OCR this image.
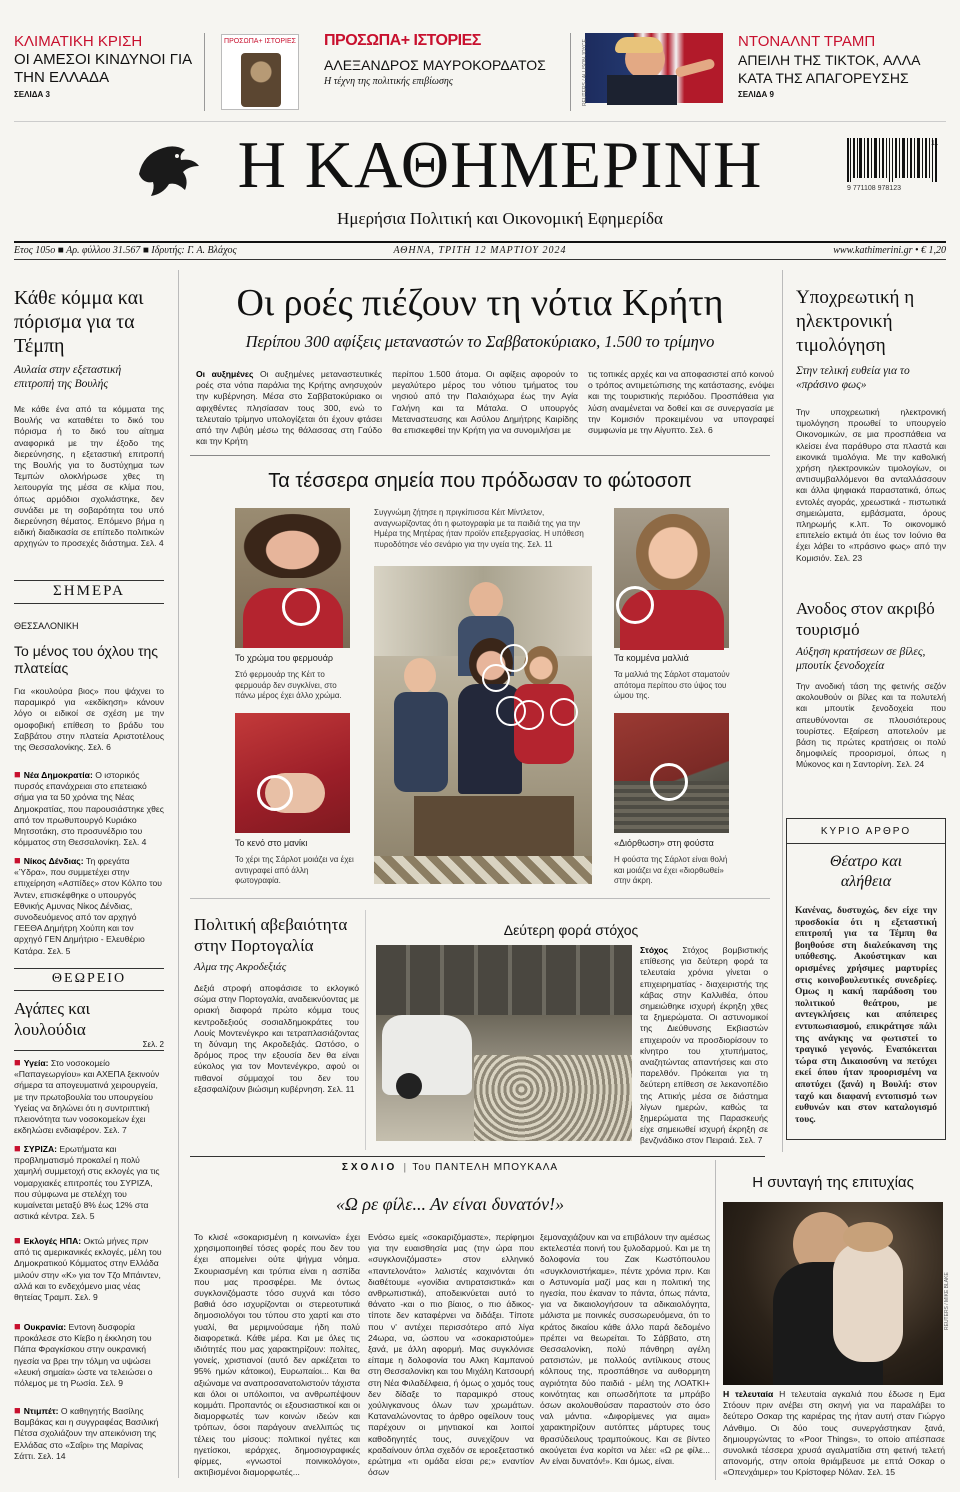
ΚΛΙΜΑΤΙΚΗ ΚΡΙΣΗ
ΟΙ ΑΜΕΣΟΙ ΚΙΝΔΥΝΟΙ ΓΙΑ ΤΗΝ ΕΛΛΑΔΑ
ΣΕΛΙΔΑ 3
ΠΡΟΣΩΠΑ+ ΙΣΤΟΡΙΕΣ ΠΡΟΣΩΠΑ+ ΙΣΤΟΡΙΕΣ
ΑΛΕΞΑΝΔΡΟΣ ΜΑΥΡΟΚΟΡΔΑΤΟΣ
Η τέχνη της πολιτικής επιβίωσης	REUTERS / ALLISON JOYCE	ΝΤΟΝΑΛΝΤ ΤΡΑΜΠ
ΑΠΕΙΛΗ ΤΗΣ TIKTOK, ΑΛΛΑ ΚΑΤΑ ΤΗΣ ΑΠΑΓΟΡΕΥΣΗΣ
ΣΕΛΙΔΑ 9
Η ΚΑΘΗΜΕΡΙΝΗ
Ημερήσια Πολιτική και Οικονομική Εφημερίδα
9 771108 978123
11
Ετος 105ο ■ Αρ. φύλλου 31.567 ■ Ιδρυτής: Γ. Α. Βλάχος	ΑΘΗΝΑ, ΤΡΙΤΗ 12 ΜΑΡΤΙΟΥ 2024	www.kathimerini.gr • € 1,20
Κάθε κόμμα και πόρισμα για τα Τέμπη
Αυλαία στην εξεταστική επιτροπή της Βουλής
Με κάθε ένα από τα κόμματα της Βουλής να καταθέτει το δικό του πόρισμα ή το δικό του αίτημα αναφορικά με την έξοδο της διερεύνησης, η εξεταστική επιτροπή της Βουλής για το δυστύχημα των Τεμπών ολοκλήρωσε χθες τη λειτουργία της μέσα σε κλίμα που, όπως αρμόδιοι σχολιάστηκε, δεν συνάδει με τη σοβαρότητα του υπό διερεύνηση θέματος. Επόμενο βήμα η ειδική διαδικασία σε επίπεδο πολιτικών αρχηγών το προσεχές διάστημα. Σελ. 4
ΣΗΜΕΡΑ
ΘΕΣΣΑΛΟΝΙΚΗ
Το μένος του όχλου της πλατείας
Για «κουλούρα βιος» που ψάχνει το παραμικρό για «εκδίκηση» κάνουν λόγο οι ειδικοί σε σχέση με την ομοφοβική επίθεση το βράδυ του Σαββάτου στην πλατεία Αριστοτέλους της Θεσσαλονίκης. Σελ. 6
■ Νέα Δημοκρατία: Ο ιστορικός πυρσός επανάχρειαι στο επετειακό σήμα για τα 50 χρόνια της Νέας Δημοκρατίας, που παρουσιάστηκε χθες από τον πρωθυπουργό Κυριάκο Μητσοτάκη, στο προσυνέδριο του κόμματος στη Θεσσαλονίκη. Σελ. 4
■ Νίκος Δένδιας: Τη φρεγάτα «Ύδρα», που συμμετέχει στην επιχείρηση «Ασπίδες» στον Κόλπο του Άντεν, επισκέφθηκε ο υπουργός Εθνικής Αμυνας Νίκος Δένδιας, συνοδευόμενος από τον αρχηγό ΓΕΕΘΑ Δημήτρη Χούπη και τον αρχηγό ΓΕΝ Δημήτριο - Ελευθέριο Κατάρα. Σελ. 5
ΘΕΩΡΕΙΟ
Αγάπες και λουλούδια
Σελ. 2
■ Υγεία: Στο νοσοκομείο «Παπαγεωργίου» και ΑΧΕΠΑ ξεκινούν σήμερα τα απογευματινά χειρουργεία, με την πρωτοβουλία του υπουργείου Υγείας να δηλώνει ότι η συντριπτική πλειονότητα των νοσοκομείων έχει εκδηλώσει ενδιαφέρον. Σελ. 7
■ ΣΥΡΙΖΑ: Ερωτήματα και προβληματισμό προκαλεί η πολύ χαμηλή συμμετοχή στις εκλογές για τις νομαρχιακές επιτροπές του ΣΥΡΙΖΑ, που σύμφωνα με στελέχη του κυμαίνεται μεταξύ 8% έως 12% στα αστικά κέντρα. Σελ. 5
■ Εκλογές ΗΠΑ: Οκτώ μήνες πριν από τις αμερικανικές εκλογές, μέλη του Δημοκρατικού Κόμματος στην Ελλάδα μιλούν στην «Κ» για τον Τζο Μπάιντεν, αλλά και το ενδεχόμενο μιας νέας θητείας Τραμπ. Σελ. 9
■ Ουκρανία: Εντονη δυσφορία προκάλεσε στο Κίεβο η έκκληση του Πάπα Φραγκίσκου στην ουκρανική ηγεσία να βρει την τόλμη να υψώσει «λευκή σημαία» ώστε να τελειώσει ο πόλεμος με τη Ρωσία. Σελ. 9
■ Ντιμπέτ: Ο καθηγητής Βασίλης Βαμβάκας και η συγγραφέας Βασιλική Πέτσα σχολιάζουν την απεικόνιση της Ελλάδας στο «Σαΐρι» της Μαρίνας Σάττι. Σελ. 14
Οι ροές πιέζουν τη νότια Κρήτη
Περίπου 300 αφίξεις μεταναστών το Σαββατοκύριακο, 1.500 το τρίμηνο
Οι αυξημένες Οι αυξημένες μεταναστευτικές ροές στα νότια παράλια της Κρήτης ανησυχούν την κυβέρνηση. Μέσα στο Σαββατοκύριακο οι αφιχθέντες πλησίασαν τους 300, ενώ το τελευταίο τρίμηνο υπολογίζεται ότι έχουν φτάσει από την Λιβύη μέσω της θάλασσας στη Γαύδο και την Κρήτη
περίπου 1.500 άτομα. Οι αφίξεις αφορούν το μεγαλύτερο μέρος του νότιου τμήματος του νησιού από την Παλαιόχωρα έως την Αγία Γαλήνη και τα Μάταλα. Ο υπουργός Μεταναστευσης και Ασύλου Δημήτρης Καιρίδης θα επισκεφθεί την Κρήτη για να συνομιλήσει με
τις τοπικές αρχές και να αποφασιστεί από κοινού ο τρόπος αντιμετώπισης της κατάστασης, ενόψει και της τουριστικής περιόδου. Προσπάθεια για λύση αναμένεται να δοθεί και σε συνεργασία με την Κομισιόν προκειμένου να υπογραφεί συμφωνία με την Αίγυπτο. Σελ. 6
Τα τέσσερα σημεία που πρόδωσαν το φώτοσοπ
Το χρώμα του φερμουάρ
Στό φερμουάρ της Κέιτ το φερμουάρ δεν συγκλίνει, στο πάνω μέρος έχει άλλο χρώμα.
Το κενό στο μανίκι
Το χέρι της Σάρλοτ μοιάζει να έχει αντιγραφεί από άλλη φωτογραφία.
Συγγνώμη ζήτησε η πριγκίπισσα Κέιτ Μίντλετον, αναγνωρίζοντας ότι η φωτογραφία με τα παιδιά της για την Ημέρα της Μητέρας ήταν προϊόν επεξεργασίας. Η υπόθεση πυροδότησε νέο σενάριο για την υγεία της. Σελ. 11
Τα κομμένα μαλλιά
Τα μαλλιά της Σάρλοτ σταματούν απότομα περίπου στο ύψος του ώμου της.
«Διόρθωση» στη φούστα
Η φούστα της Σάρλοτ είναι θολή και μοιάζει να έχει «διορθωθεί» στην άκρη.
Υποχρεωτική η ηλεκτρονική τιμολόγηση
Στην τελική ευθεία για το «πράσινο φως»
Την υποχρεωτική ηλεκτρονική τιμολόγηση προωθεί το υπουργείο Οικονομικών, σε μια προσπάθεια να κλείσει ένα παράθυρο στα πλαστά και εικονικά τιμολόγια. Με την καθολική χρήση ηλεκτρονικών τιμολογίων, οι αντισυμβαλλόμενοι θα ανταλλάσσουν και άλλα ψηφιακά παραστατικά, όπως εντολές αγοράς, χρεωστικά - πιστωτικά σημειώματα, εμβάσματα, όρους πληρωμής κ.λπ. Το οικονομικό επιτελείο εκτιμά ότι έως τον Ιούνιο θα έχει λάβει το «πράσινο φως» από την Κομισιόν. Σελ. 23
Ανοδος στον ακριβό τουρισμό
Αύξηση κρατήσεων σε βίλες, μπουτίκ ξενοδοχεία
Την ανοδική τάση της φετινής σεζόν ακολουθούν οι βίλες και τα πολυτελή και μπουτίκ ξενοδοχεία που απευθύνονται σε πλουσιότερους τουρίστες. Εξαίρεση αποτελούν με βάση τις πρώτες κρατήσεις οι πολύ δημοφιλείς προορισμοί, όπως η Μύκονος και η Σαντορίνη. Σελ. 24
ΚΥΡΙΟ ΑΡΘΡΟ
Θέατρο και αλήθεια
Κανένας, δυστυχώς, δεν είχε την προσδοκία ότι η εξεταστική επιτροπή για τα Τέμπη θα βοηθούσε στη διαλεύκανση της υπόθεσης. Ακούστηκαν και ορισμένες χρήσιμες μαρτυρίες στις κοινοβουλευτικές συνεδρίες. Ομως η κακή παράδοση του πολιτικού θεάτρου, με αντεγκλήσεις και απόπειρες εντυπωσιασμού, επικράτησε πάλι της ανάγκης να φωτιστεί το τραγικό γεγονός. Εναπόκειται τώρα στη Δικαιοσύνη να πετύχει εκεί όπου ήταν προορισμένη να αποτύχει (ξανά) η Βουλή: στον ταχύ και διαφανή εντοπισμό των ευθυνών και στον καταλογισμό τους.
Πολιτική αβεβαιότητα στην Πορτογαλία
Αλμα της Ακροδεξιάς
Δεξιά στροφή αποφάσισε το εκλογικό σώμα στην Πορτογαλία, αναδεικνύοντας με οριακή διαφορά πρώτο κόμμα τους κεντροδεξιούς σοσιαλδημοκράτες του Λουίς Μοντενέγκρο και τετραπλασιάζοντας τη δύναμη της Ακροδεξιάς. Ωστόσο, ο δρόμος προς την εξουσία δεν θα είναι εύκολος για τον Μοντενέγκρο, αφού οι πιθανοί σύμμαχοί του δεν του εξασφαλίζουν βιώσιμη κυβέρνηση. Σελ. 11
Δεύτερη φορά στόχος
Στόχος Στόχος βομβιστικής επίθεσης για δεύτερη φορά τα τελευταία χρόνια γίνεται ο επιχειρηματίας - διαχειριστής της κάβας στην Καλλιθέα, όπου σημειώθηκε ισχυρή έκρηξη χθες τα ξημερώματα. Οι αστυνομικοί της Διεύθυνσης Εκβιαστών επιχειρούν να προσδιορίσουν το κίνητρο του χτυπήματος, αναζητώντας απαντήσεις και στο παρελθόν. Πρόκειται για τη δεύτερη επίθεση σε λεκανοπέδιο της Αττικής μέσα σε διάστημα λίγων ημερών, καθώς τα ξημερώματα της Παρασκευής είχε σημειωθεί ισχυρή έκρηξη σε βενζινάδικο στον Πειραιά. Σελ. 7
ΣΧΟΛΙΟ | Του ΠΑΝΤΕΛΗ ΜΠΟΥΚΑΛΑ
«Ω ρε φίλε... Αν είναι δυνατόν!»
Το κλισέ «σοκαρισμένη η κοινωνία» έχει χρησιμοποιηθεί τόσες φορές που δεν του έχει απομείνει ούτε ψήγμα νόημα. Σκουριασμένη και τρύπια είναι η ασπίδα που μας προσφέρει. Με όντως συγκλονιζόμαστε τόσο συχνά και τόσο βαθιά όσο ισχυρίζονται οι στερεοτυπικά δημοσιολόγοι του τύπου στο χαρτί και στο γυαλί, θα μεριμνούσαμε ήδη πολύ διαφορετικά. Κάθε μέρα. Και με όλες τις ιδιότητές που μας χαρακτηρίζουν: πολίτες, γονείς, χριστιανοί (αυτό δεν αρκέζεται το 95% ημών κάτοικοι), Ευρωπαίοι... Και θα αξιώναμε να αναπροσανατολιστούν τάχιστα και όλοι οι υπόλοιποι, να ανθρωπέψουν κομμάτι. Προπαντός οι εξουσιαστικοί και οι διαμορφωτές των κοινών ιδεών και τρόπων, όσοι παράγουν ανελλιπώς τις τέλεις του μίσους: πολιτικοί ηγέτες και ηγετίσκοι, ιεράρχες, δημοσιογραφικές φίρμες, «γνωστοί ποινικολόγοι», ακτιβισμένοι διαμορφωτές...
Ενόσω εμείς «σοκαριζόμαστε», περίφημοι για την ευαισθησία μας (την ώρα που «συγκλονιζόμαστε» στον ελληνικό «παντελονάτο» λαλιστές καχινόνται ότι διαθέτουμε «γονίδια αντιρατσιστικά» και ανθρωπιστικά), αποδεικνύεται αυτό το θάνατο -και ο πιο βίαιος, ο πιο άδικος- τίποτε δεν καταφέρνει να διδάξει. Τίποτε που ν' αντέχει περισσότερο από λίγα 24ωρα, να, ώσπου να «σοκαριστούμε» ξανά, με άλλη αφορμή. Μας συγκλόνισε είπαμε η δολοφονία του Αλκη Καμπανού στη Θεσσαλονίκη και του Μιχάλη Κατσουρή στη Νέα Φιλαδέλφεια, ή όμως ο χαμός τους δεν δίδαξε το παραμικρό στους χούλιγκανους όλων των χρωμάτων. Καταναλώνοντας το άρθρο οφείλουν τους παρέχουν οι μηντιακοί και λοιποί καθοδηγητές τους, συνεχίζουν να κραδαίνουν όπλα σχεδόν σε ιεροεξεταστικό ερώτημα «τι ομάδα είσαι ρε;» εναντίον όσων
ξεμοναχιάζουν και να επιβάλουν την αμέσως εκτελεστέα ποινή του ξυλοδαρμού. Και με τη δολοφονία του Ζακ Κωστόπουλου «συγκλονιστήκαμε», πέντε χρόνια πριν. Και ο Αστυνομία μαζί μας και η πολιτική της ηγεσία, που έκαναν το πάντα, όπως πάντα, για να δικαιολογήσουν τα αδικαιολόγητα, μάλιστα με ποινικές συσσωρευόμενα, ότι το κράτος δικαίου κάθε άλλο παρά δεδομένο πρέπει να θεωρείται. Το Σάββατο, στη Θεσσαλονίκη, πολύ πάνθηρη αγέλη ρατσιστών, με πολλούς αντίλικους στους κόλπους της, προσπάθησε να αυθορμητη αγριότητα δύο παιδιά - μέλη της ΛΟΑΤΚΙ+ κοινότητας και οπωσδήποτε τα μπράβο όσων ακολουθούσαν παραστούν στο όσο ναλ μάντια. «Διφορίμενες για αιμα» χαρακτηρίζουν αυτόπτες μάρτυρες τους θρασύδειλους τραμπούκους. Και σε βίντεο ακούγεται ένα κορίτσι να λέει: «Ω ρε φίλε... Αν είναι δυνατόν!». Και όμως, είναι.
Η συνταγή της επιτυχίας
REUTERS / MIKE BLAKE
Η τελευταία Η τελευταία αγκαλιά που έδωσε η Εμα Στόουν πριν ανέβει στη σκηνή για να παραλάβει το δεύτερο Οσκαρ της καριέρας της ήταν αυτή σταν Γιώργο Λάνθιμο. Οι δύο τους συνεργάστηκαν ξανά, δημιουργώντας το «Poor Things», το οποίο απέσπασε συνολικά τέσσερα χρυσά αγαλματίδια στη φετινή τελετή απονομής, στην οποία θριάμβευσε με επτά Οσκαρ ο «Οπενχάιμερ» του Κρίστοφερ Νόλαν. Σελ. 15
